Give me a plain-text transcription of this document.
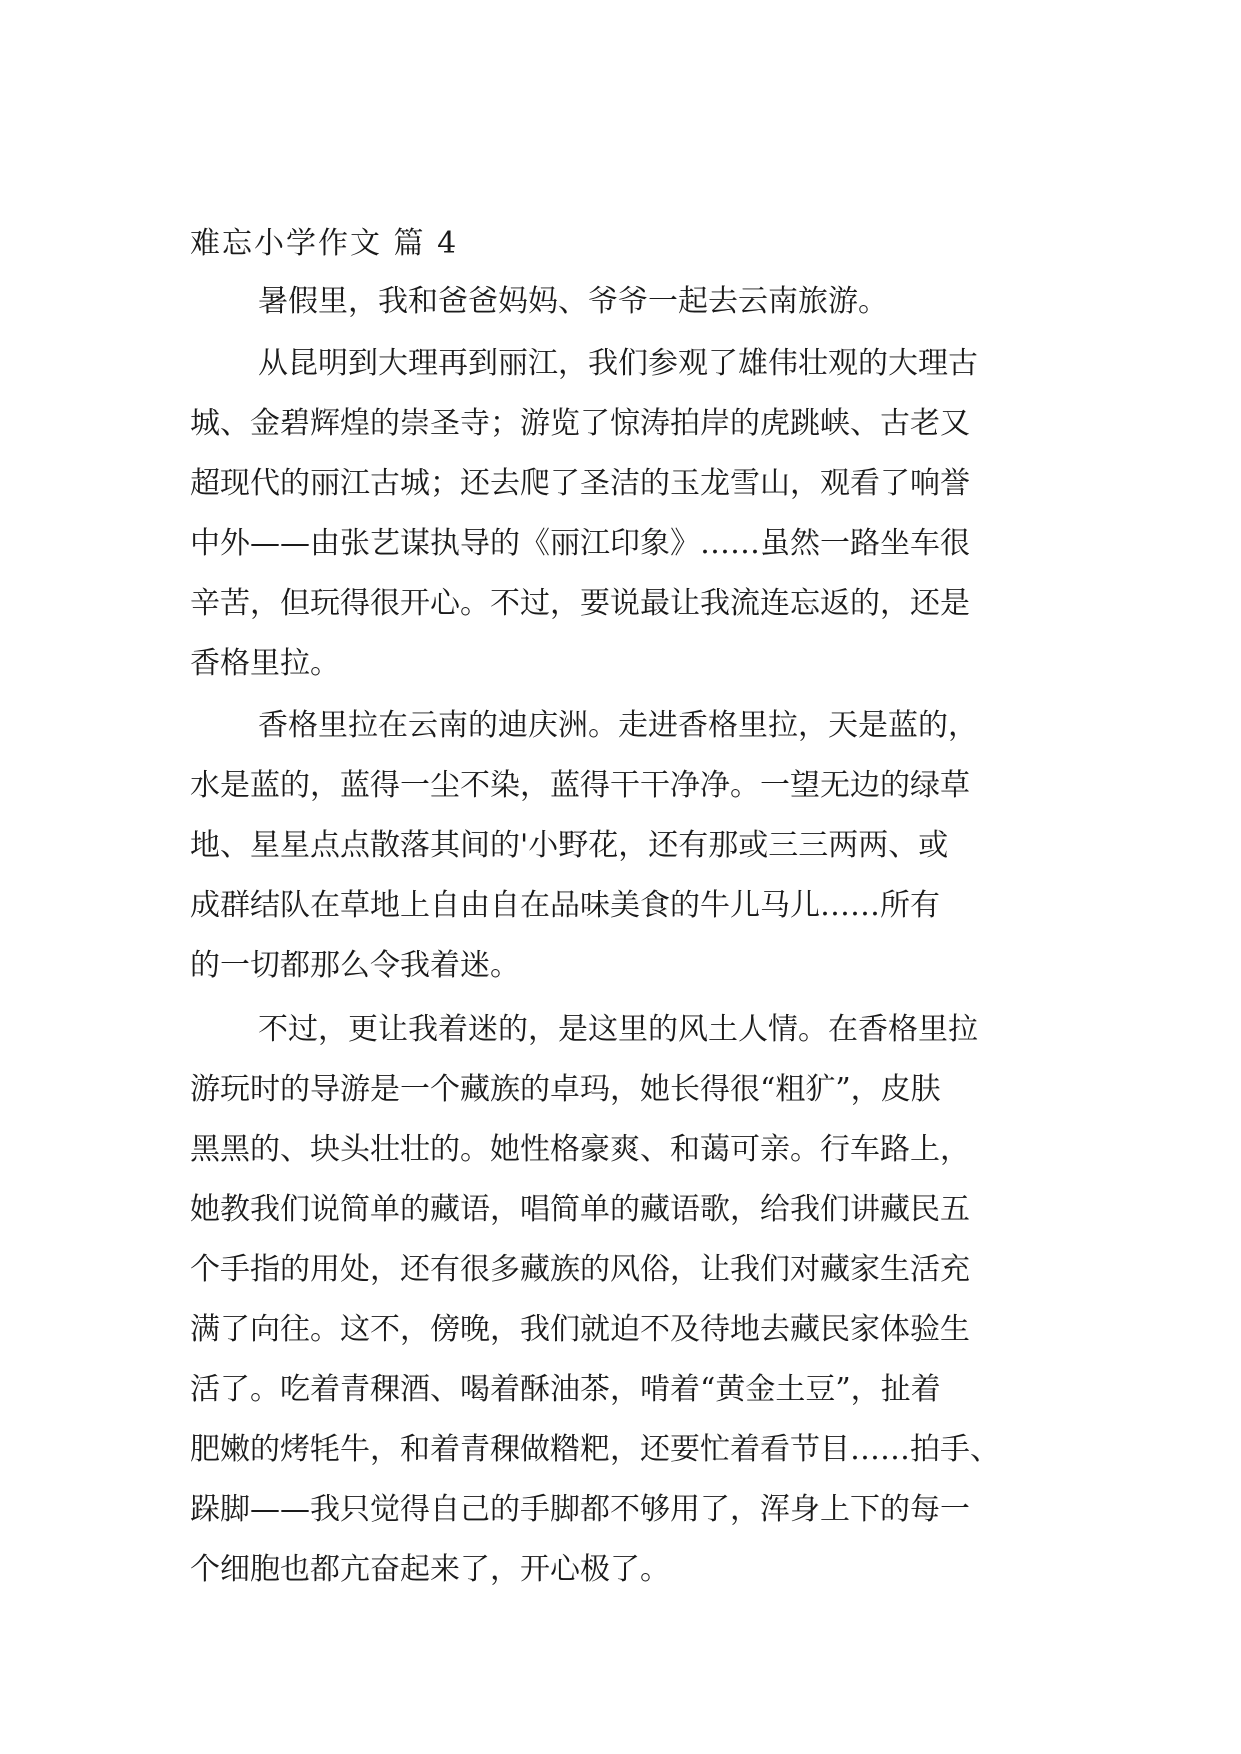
难忘小学作文 篇 4
暑假里，我和爸爸妈妈、爷爷一起去云南旅游。
从昆明到大理再到丽江，我们参观了雄伟壮观的大理古
城、金碧辉煌的崇圣寺；游览了惊涛拍岸的虎跳峡、古老又
超现代的丽江古城；还去爬了圣洁的玉龙雪山，观看了响誉
中外——由张艺谋执导的《丽江印象》……虽然一路坐车很
辛苦，但玩得很开心。不过，要说最让我流连忘返的，还是
香格里拉。
香格里拉在云南的迪庆洲。走进香格里拉，天是蓝的，
水是蓝的，蓝得一尘不染，蓝得干干净净。一望无边的绿草
地、星星点点散落其间的'小野花，还有那或三三两两、或
成群结队在草地上自由自在品味美食的牛儿马儿……所有
的一切都那么令我着迷。
不过，更让我着迷的，是这里的风土人情。在香格里拉
游玩时的导游是一个藏族的卓玛，她长得很“粗犷”，皮肤
黑黑的、块头壮壮的。她性格豪爽、和蔼可亲。行车路上，
她教我们说简单的藏语，唱简单的藏语歌，给我们讲藏民五
个手指的用处，还有很多藏族的风俗，让我们对藏家生活充
满了向往。这不，傍晚，我们就迫不及待地去藏民家体验生
活了。吃着青稞酒、喝着酥油茶，啃着“黄金土豆”，扯着
肥嫩的烤牦牛，和着青稞做糌粑，还要忙着看节目……拍手、
跺脚——我只觉得自己的手脚都不够用了，浑身上下的每一
个细胞也都亢奋起来了，开心极了。
